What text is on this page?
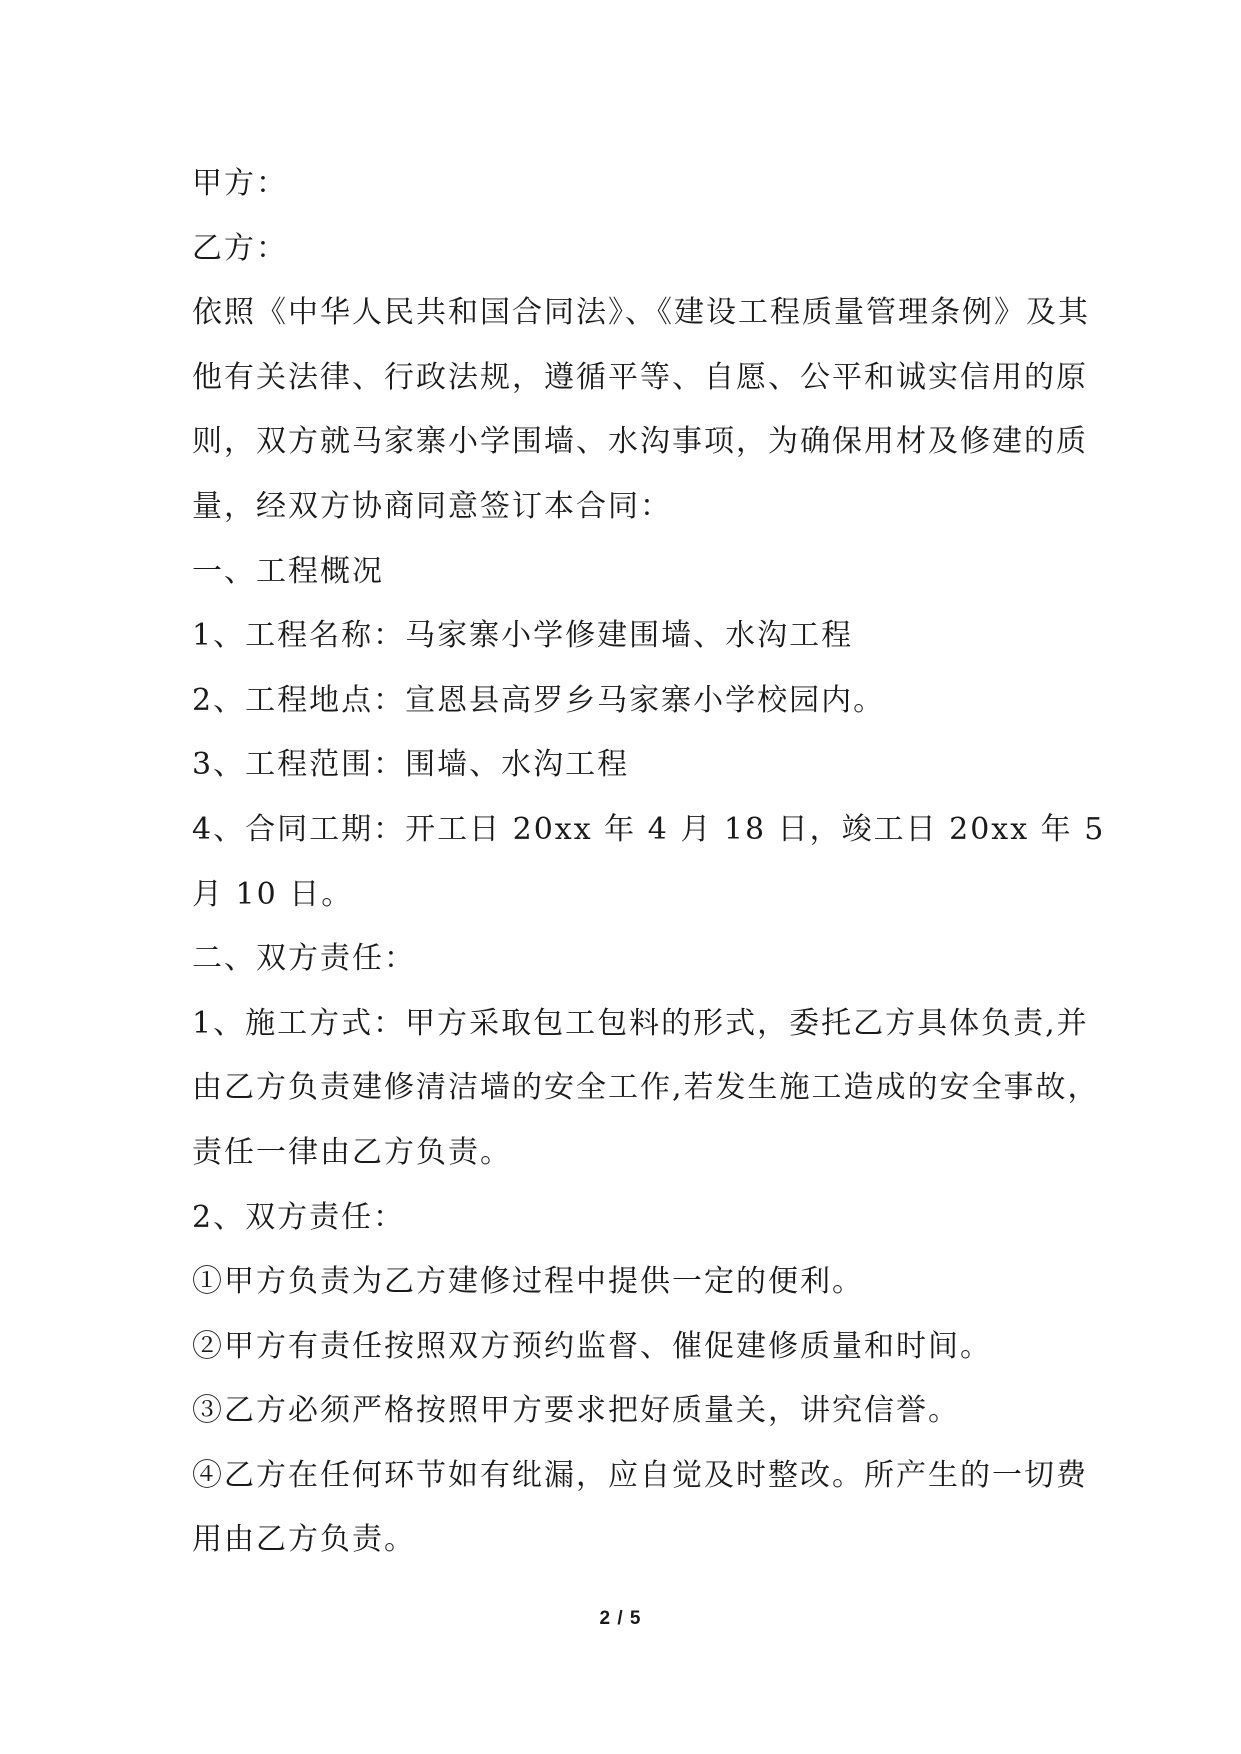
甲方：
乙方：
依照《中华人民共和国合同法》、《建设工程质量管理条例》及其
他有关法律、行政法规，遵循平等、自愿、公平和诚实信用的原
则，双方就马家寨小学围墙、水沟事项，为确保用材及修建的质
量，经双方协商同意签订本合同：
一、工程概况
1、工程名称：马家寨小学修建围墙、水沟工程
2、工程地点：宣恩县高罗乡马家寨小学校园内。
3、工程范围：围墙、水沟工程
4、合同工期：开工日 20xx 年 4 月 18 日，竣工日 20xx 年 5
月 10 日。
二、双方责任：
1、施工方式：甲方采取包工包料的形式，委托乙方具体负责,并
由乙方负责建修清洁墙的安全工作,若发生施工造成的安全事故，
责任一律由乙方负责。
2、双方责任：
①甲方负责为乙方建修过程中提供一定的便利。
②甲方有责任按照双方预约监督、催促建修质量和时间。
③乙方必须严格按照甲方要求把好质量关，讲究信誉。
④乙方在任何环节如有纰漏，应自觉及时整改。所产生的一切费
用由乙方负责。
2 / 5
